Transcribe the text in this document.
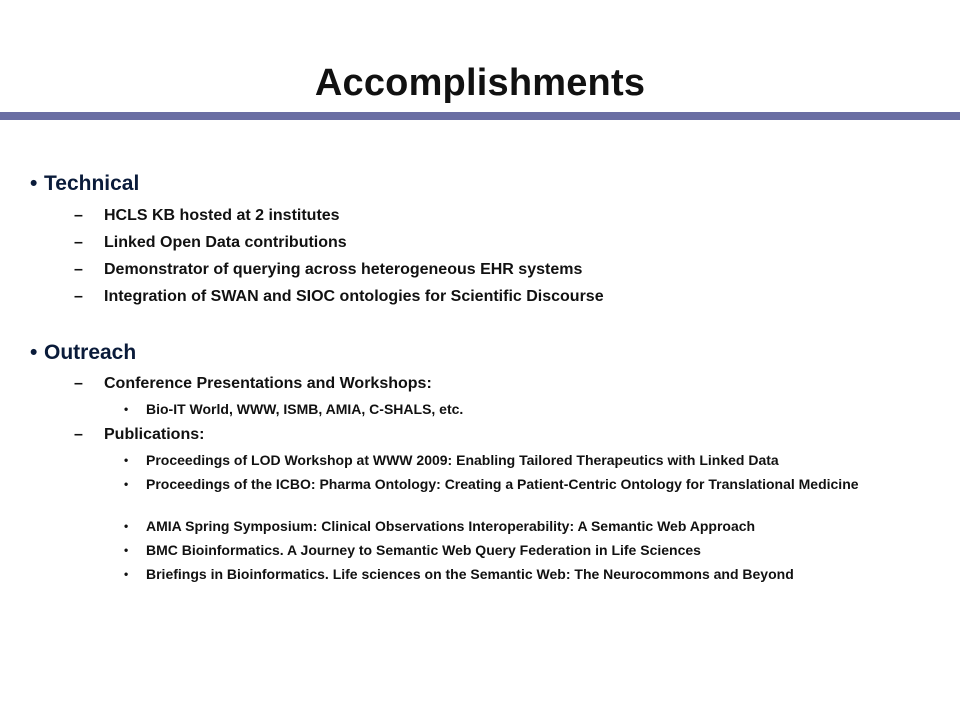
Accomplishments
• Technical
– HCLS KB hosted at 2 institutes
– Linked Open Data contributions
– Demonstrator of querying across heterogeneous EHR systems
– Integration of SWAN and SIOC ontologies for Scientific Discourse
• Outreach
– Conference Presentations and Workshops:
• Bio-IT World, WWW, ISMB, AMIA, C-SHALS, etc.
– Publications:
• Proceedings of LOD Workshop at WWW 2009: Enabling Tailored Therapeutics with Linked Data
• Proceedings of the ICBO: Pharma Ontology: Creating a Patient-Centric Ontology for Translational Medicine
• AMIA Spring Symposium: Clinical Observations Interoperability: A Semantic Web Approach
• BMC Bioinformatics. A Journey to Semantic Web Query Federation in Life Sciences
• Briefings in Bioinformatics. Life sciences on the Semantic Web: The Neurocommons and Beyond
